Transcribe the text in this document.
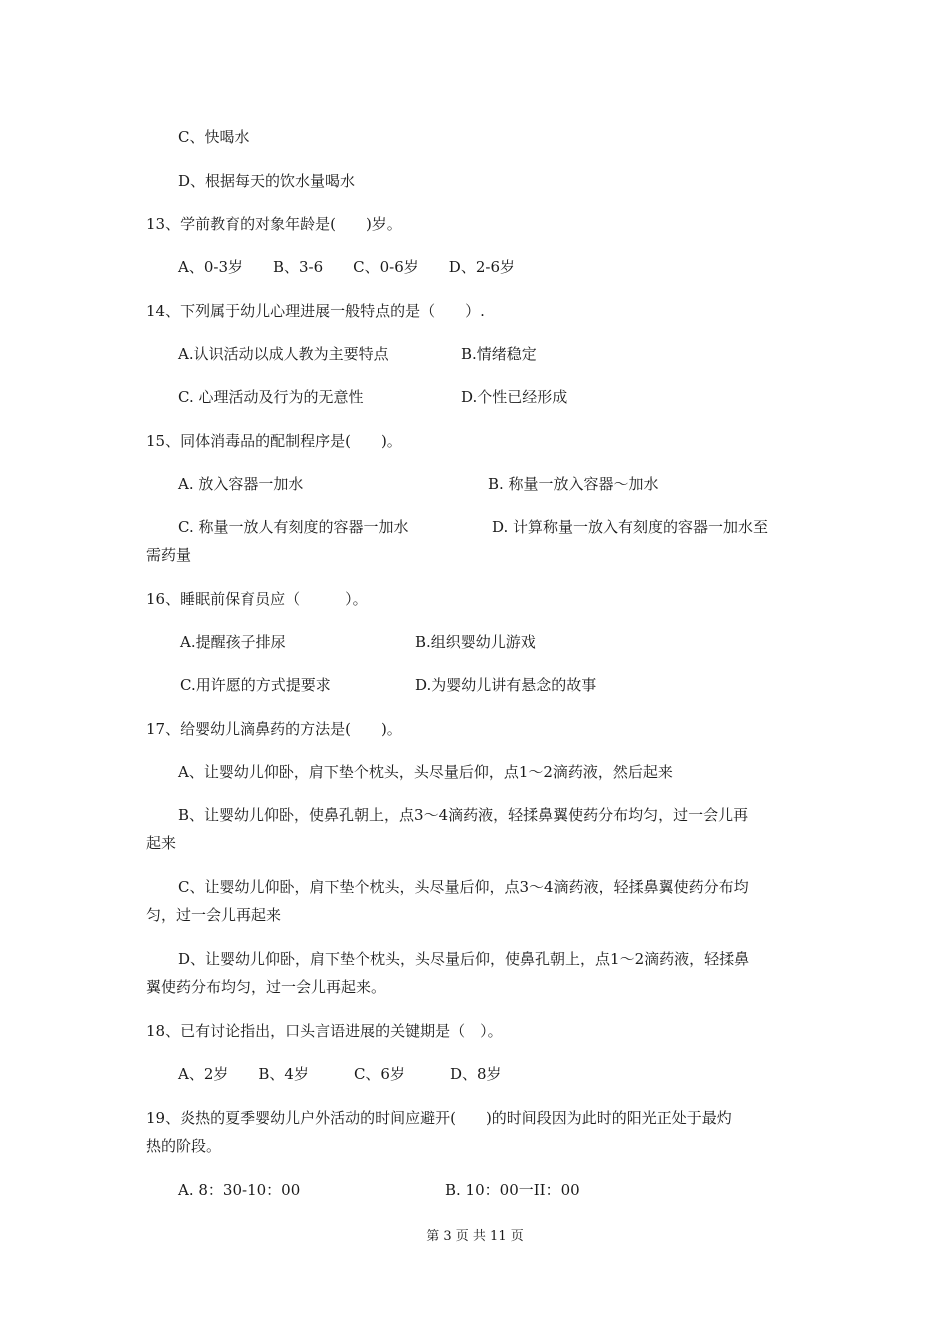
C、快喝水
D、根据每天的饮水量喝水
13、学前教育的对象年龄是(　　)岁。
A、0-3岁　　B、3-6　　C、0-6岁　　D、2-6岁
14、下列属于幼儿心理进展一般特点的是（　　）.
A.认识活动以成人教为主要特点	B.情绪稳定
C. 心理活动及行为的无意性	D.个性已经形成
15、同体消毒品的配制程序是(　　)。
A. 放入容器一加水	B. 称量一放入容器～加水
C. 称量一放人有刻度的容器一加水	D. 计算称量一放入有刻度的容器一加水至
需药量
16、睡眠前保育员应（　　　）。
A.提醒孩子排尿	B.组织婴幼儿游戏
C.用许愿的方式提要求	D.为婴幼儿讲有悬念的故事
17、给婴幼儿滴鼻药的方法是(　　)。
A、让婴幼儿仰卧，肩下垫个枕头，头尽量后仰，点1～2滴药液，然后起来
B、让婴幼儿仰卧，使鼻孔朝上，点3～4滴药液，轻揉鼻翼使药分布均匀，过一会儿再
起来
C、让婴幼儿仰卧，肩下垫个枕头，头尽量后仰，点3～4滴药液，轻揉鼻翼使药分布均
匀，过一会儿再起来
D、让婴幼儿仰卧，肩下垫个枕头，头尽量后仰，使鼻孔朝上，点1～2滴药液，轻揉鼻
翼使药分布均匀，过一会儿再起来。
18、已有讨论指出，口头言语进展的关键期是（　）。
A、2岁　　B、4岁　　　C、6岁　　　D、8岁
19、炎热的夏季婴幼儿户外活动的时间应避开(　　)的时间段因为此时的阳光正处于最灼
热的阶段。
A. 8：30-10：00	B. 10：00一II：00
第 3 页 共 11 页
